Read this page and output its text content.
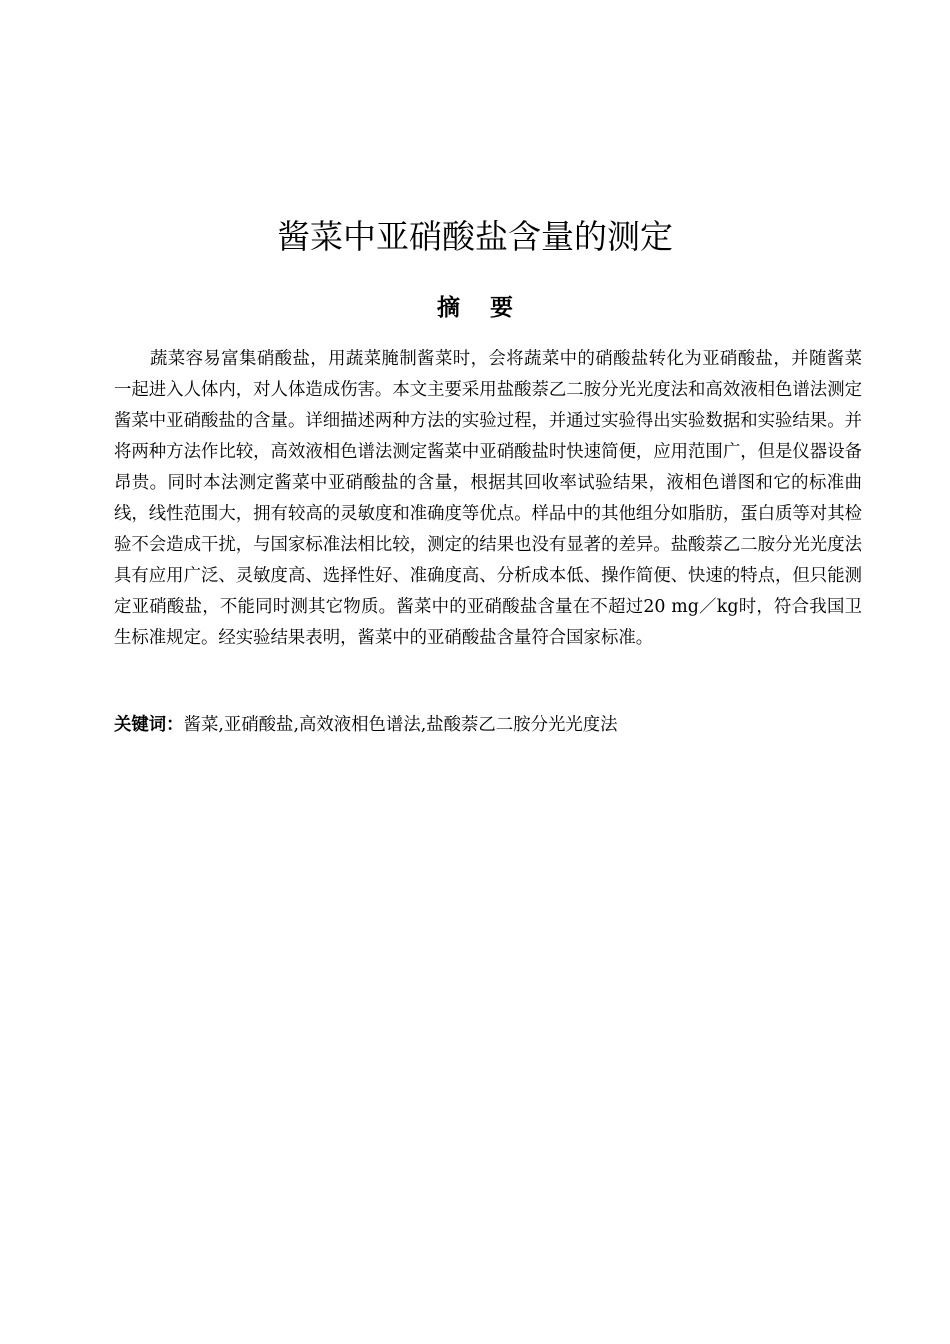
酱菜中亚硝酸盐含量的测定
摘要

蔬菜容易富集硝酸盐，用蔬菜腌制酱菜时，会将蔬菜中的硝酸盐转化为亚硝酸盐，并随酱菜一起进入人体内，对人体造成伤害。本文主要采用盐酸萘乙二胺分光光度法和高效液相色谱法测定酱菜中亚硝酸盐的含量。详细描述两种方法的实验过程，并通过实验得出实验数据和实验结果。并将两种方法作比较，高效液相色谱法测定酱菜中亚硝酸盐时快速简便，应用范围广，但是仪器设备昂贵。同时本法测定酱菜中亚硝酸盐的含量，根据其回收率试验结果，液相色谱图和它的标准曲线，线性范围大，拥有较高的灵敏度和准确度等优点。样品中的其他组分如脂肪，蛋白质等对其检验不会造成干扰，与国家标准法相比较，测定的结果也没有显著的差异。盐酸萘乙二胺分光光度法具有应用广泛、灵敏度高、选择性好、准确度高、分析成本低、操作简便、快速的特点，但只能测定亚硝酸盐，不能同时测其它物质。酱菜中的亚硝酸盐含量在不超过20 mg／kg时，符合我国卫生标准规定。经实验结果表明，酱菜中的亚硝酸盐含量符合国家标准。

关键词：酱菜,亚硝酸盐,高效液相色谱法,盐酸萘乙二胺分光光度法
